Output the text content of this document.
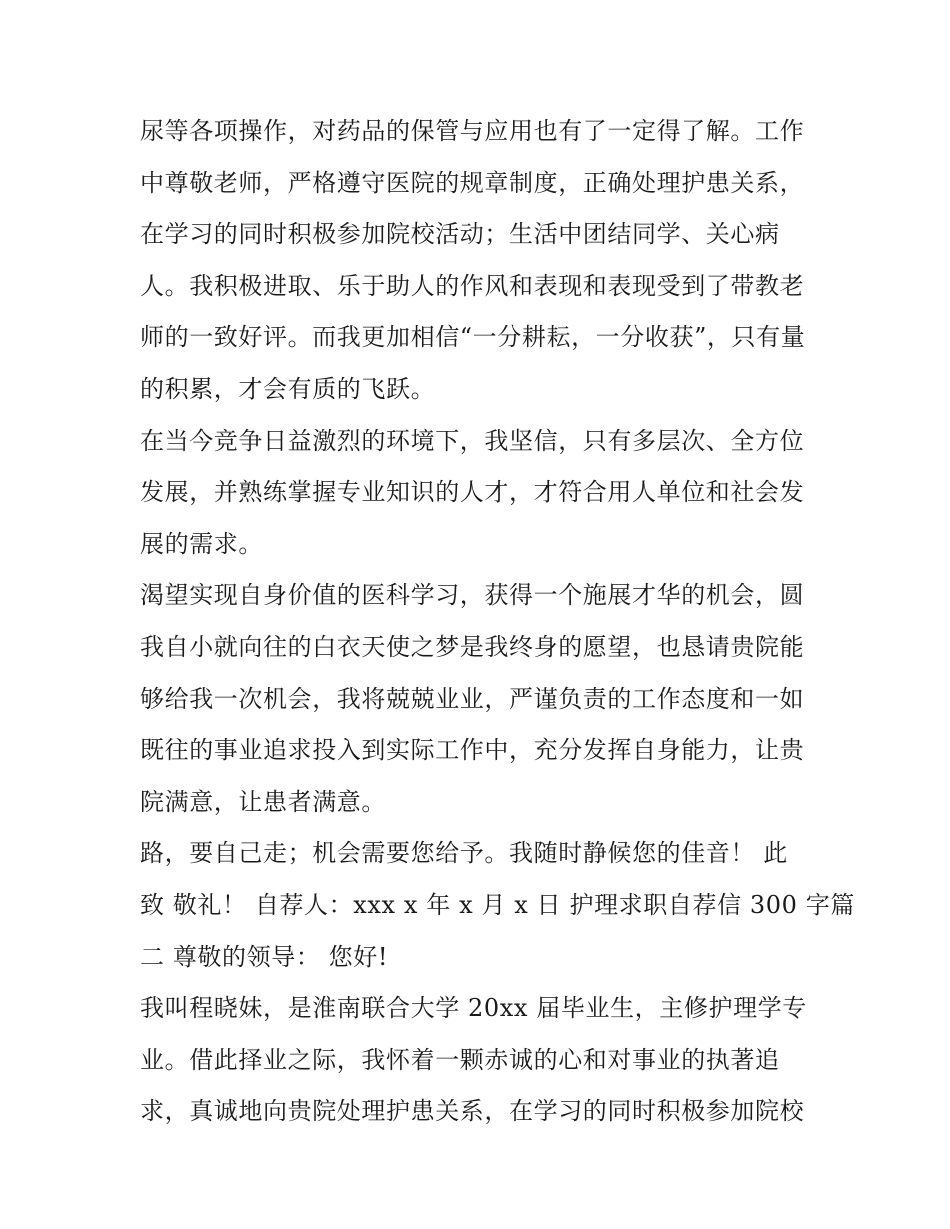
尿等各项操作，对药品的保管与应用也有了一定得了解。工作
中尊敬老师，严格遵守医院的规章制度，正确处理护患关系，
在学习的同时积极参加院校活动；生活中团结同学、关心病
人。我积极进取、乐于助人的作风和表现和表现受到了带教老
师的一致好评。而我更加相信“一分耕耘，一分收获”，只有量
的积累，才会有质的飞跃。
在当今竞争日益激烈的环境下，我坚信，只有多层次、全方位
发展，并熟练掌握专业知识的人才，才符合用人单位和社会发
展的需求。
渴望实现自身价值的医科学习，获得一个施展才华的机会，圆
我自小就向往的白衣天使之梦是我终身的愿望，也恳请贵院能
够给我一次机会，我将兢兢业业，严谨负责的工作态度和一如
既往的事业追求投入到实际工作中，充分发挥自身能力，让贵
院满意，让患者满意。
路，要自己走；机会需要您给予。我随时静候您的佳音！ 此
致 敬礼！ 自荐人：xxx x 年 x 月 x 日 护理求职自荐信 300 字篇
二 尊敬的领导： 您好!
我叫程晓妹，是淮南联合大学 20xx 届毕业生，主修护理学专
业。借此择业之际，我怀着一颗赤诚的心和对事业的执著追
求，真诚地向贵院处理护患关系，在学习的同时积极参加院校
